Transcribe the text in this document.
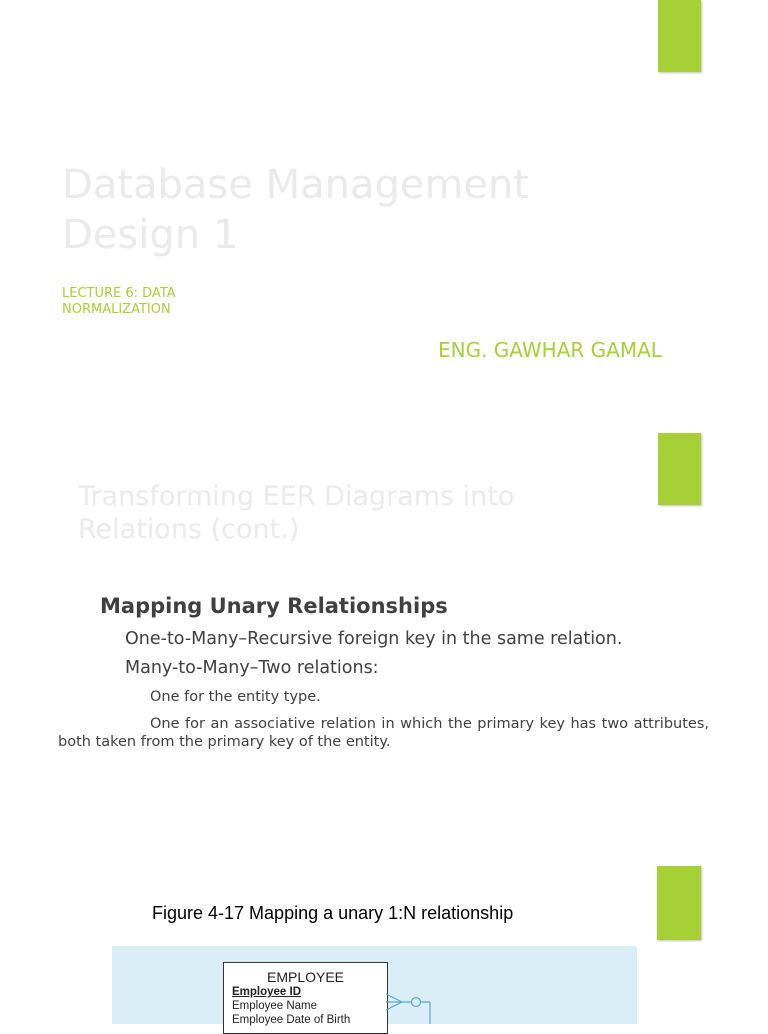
Database Management Design 1
LECTURE 6: DATA NORMALIZATION
ENG. GAWHAR GAMAL
Transforming EER Diagrams into Relations (cont.)
Mapping Unary Relationships
One-to-Many–Recursive foreign key in the same relation.
Many-to-Many–Two relations:
One for the entity type.
One for an associative relation in which the primary key has two attributes, both taken from the primary key of the entity.
Figure 4-17 Mapping a unary 1:N relationship
EMPLOYEE
Employee ID
Employee Name
Employee Date of Birth
